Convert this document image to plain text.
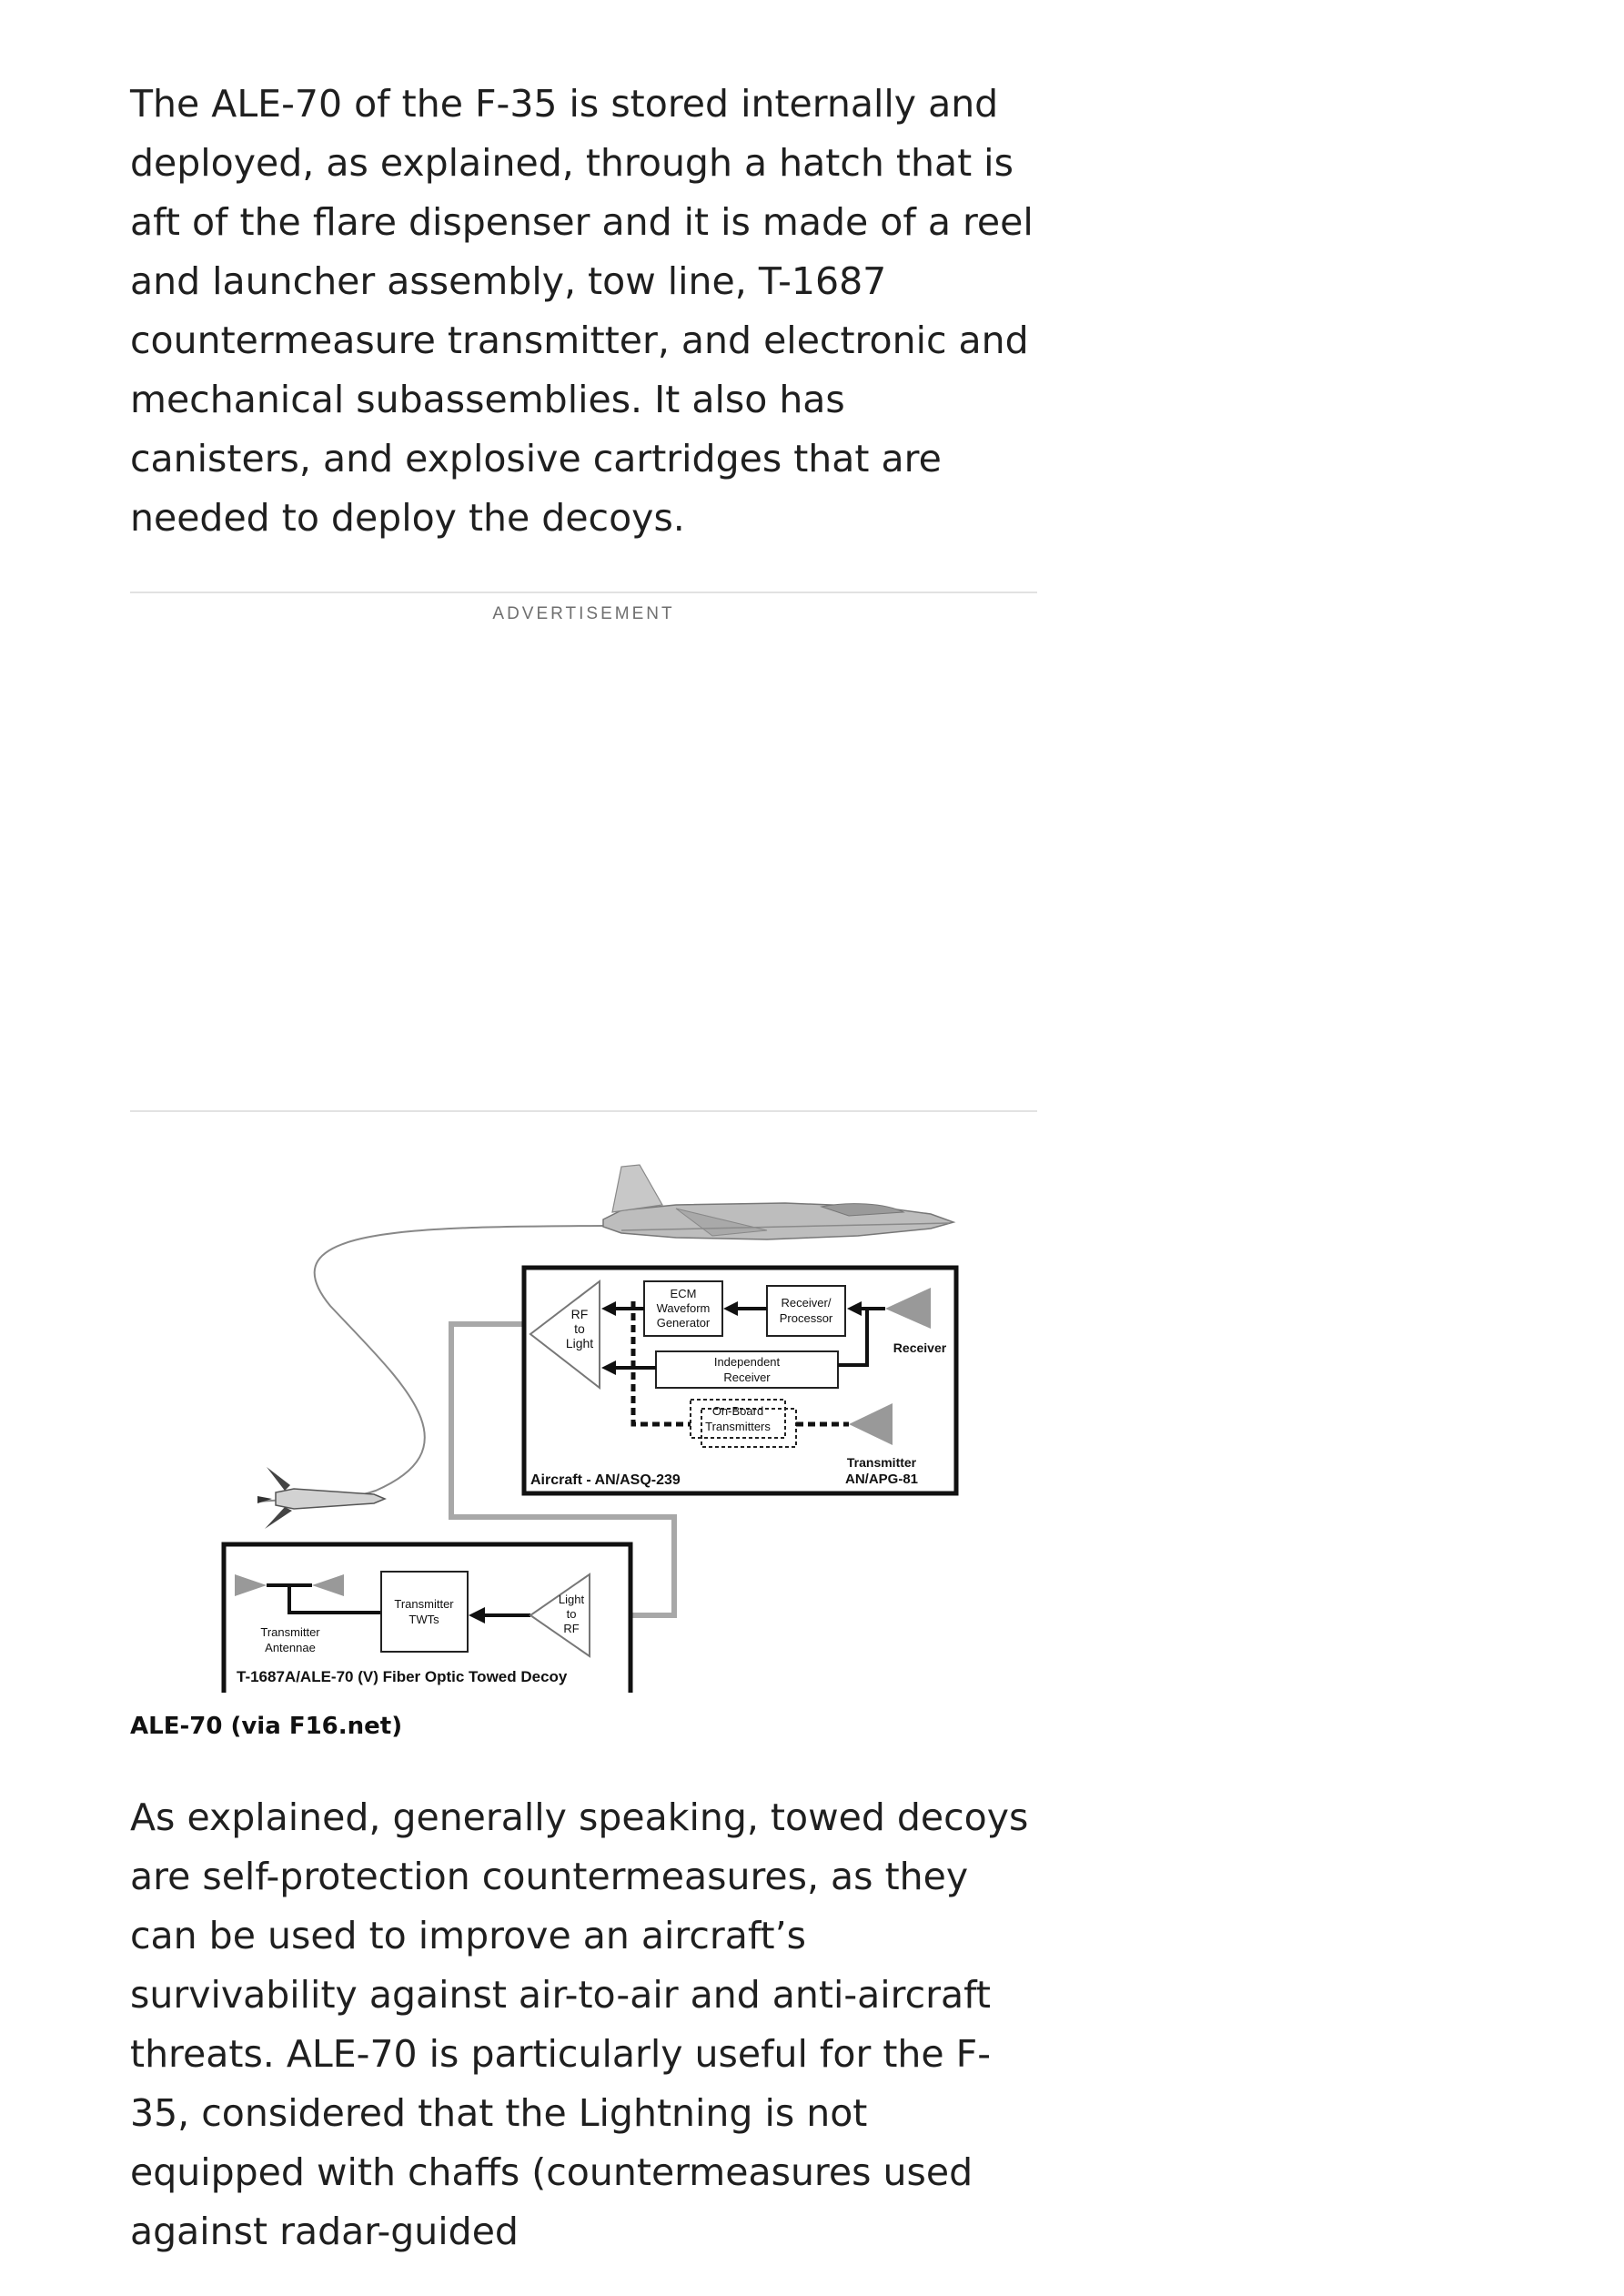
The ALE-70 of the F-35 is stored internally and deployed, as explained, through a hatch that is aft of the flare dispenser and it is made of a reel and launcher assembly, tow line, T-1687 countermeasure transmitter, and electronic and mechanical subassemblies. It also has canisters, and explosive cartridges that are needed to deploy the decoys.

ADVERTISEMENT
RF
to
Light
ECM
Waveform
Generator
Receiver/
Processor
Independent
Receiver
On-Board
Transmitters
Receiver
Transmitter
AN/APG-81
Aircraft - AN/ASQ-239
Transmitter
Antennae
Transmitter
TWTs
Light
to
RF
T-1687A/ALE-70 (V) Fiber Optic Towed Decoy
ALE-70 (via F16.net)

As explained, generally speaking, towed decoys are self-protection countermeasures, as they can be used to improve an aircraft’s survivability against air-to-air and anti-aircraft threats. ALE-70 is particularly useful for the F-35, considered that the Lightning is not equipped with chaffs (countermeasures used against radar-guided
